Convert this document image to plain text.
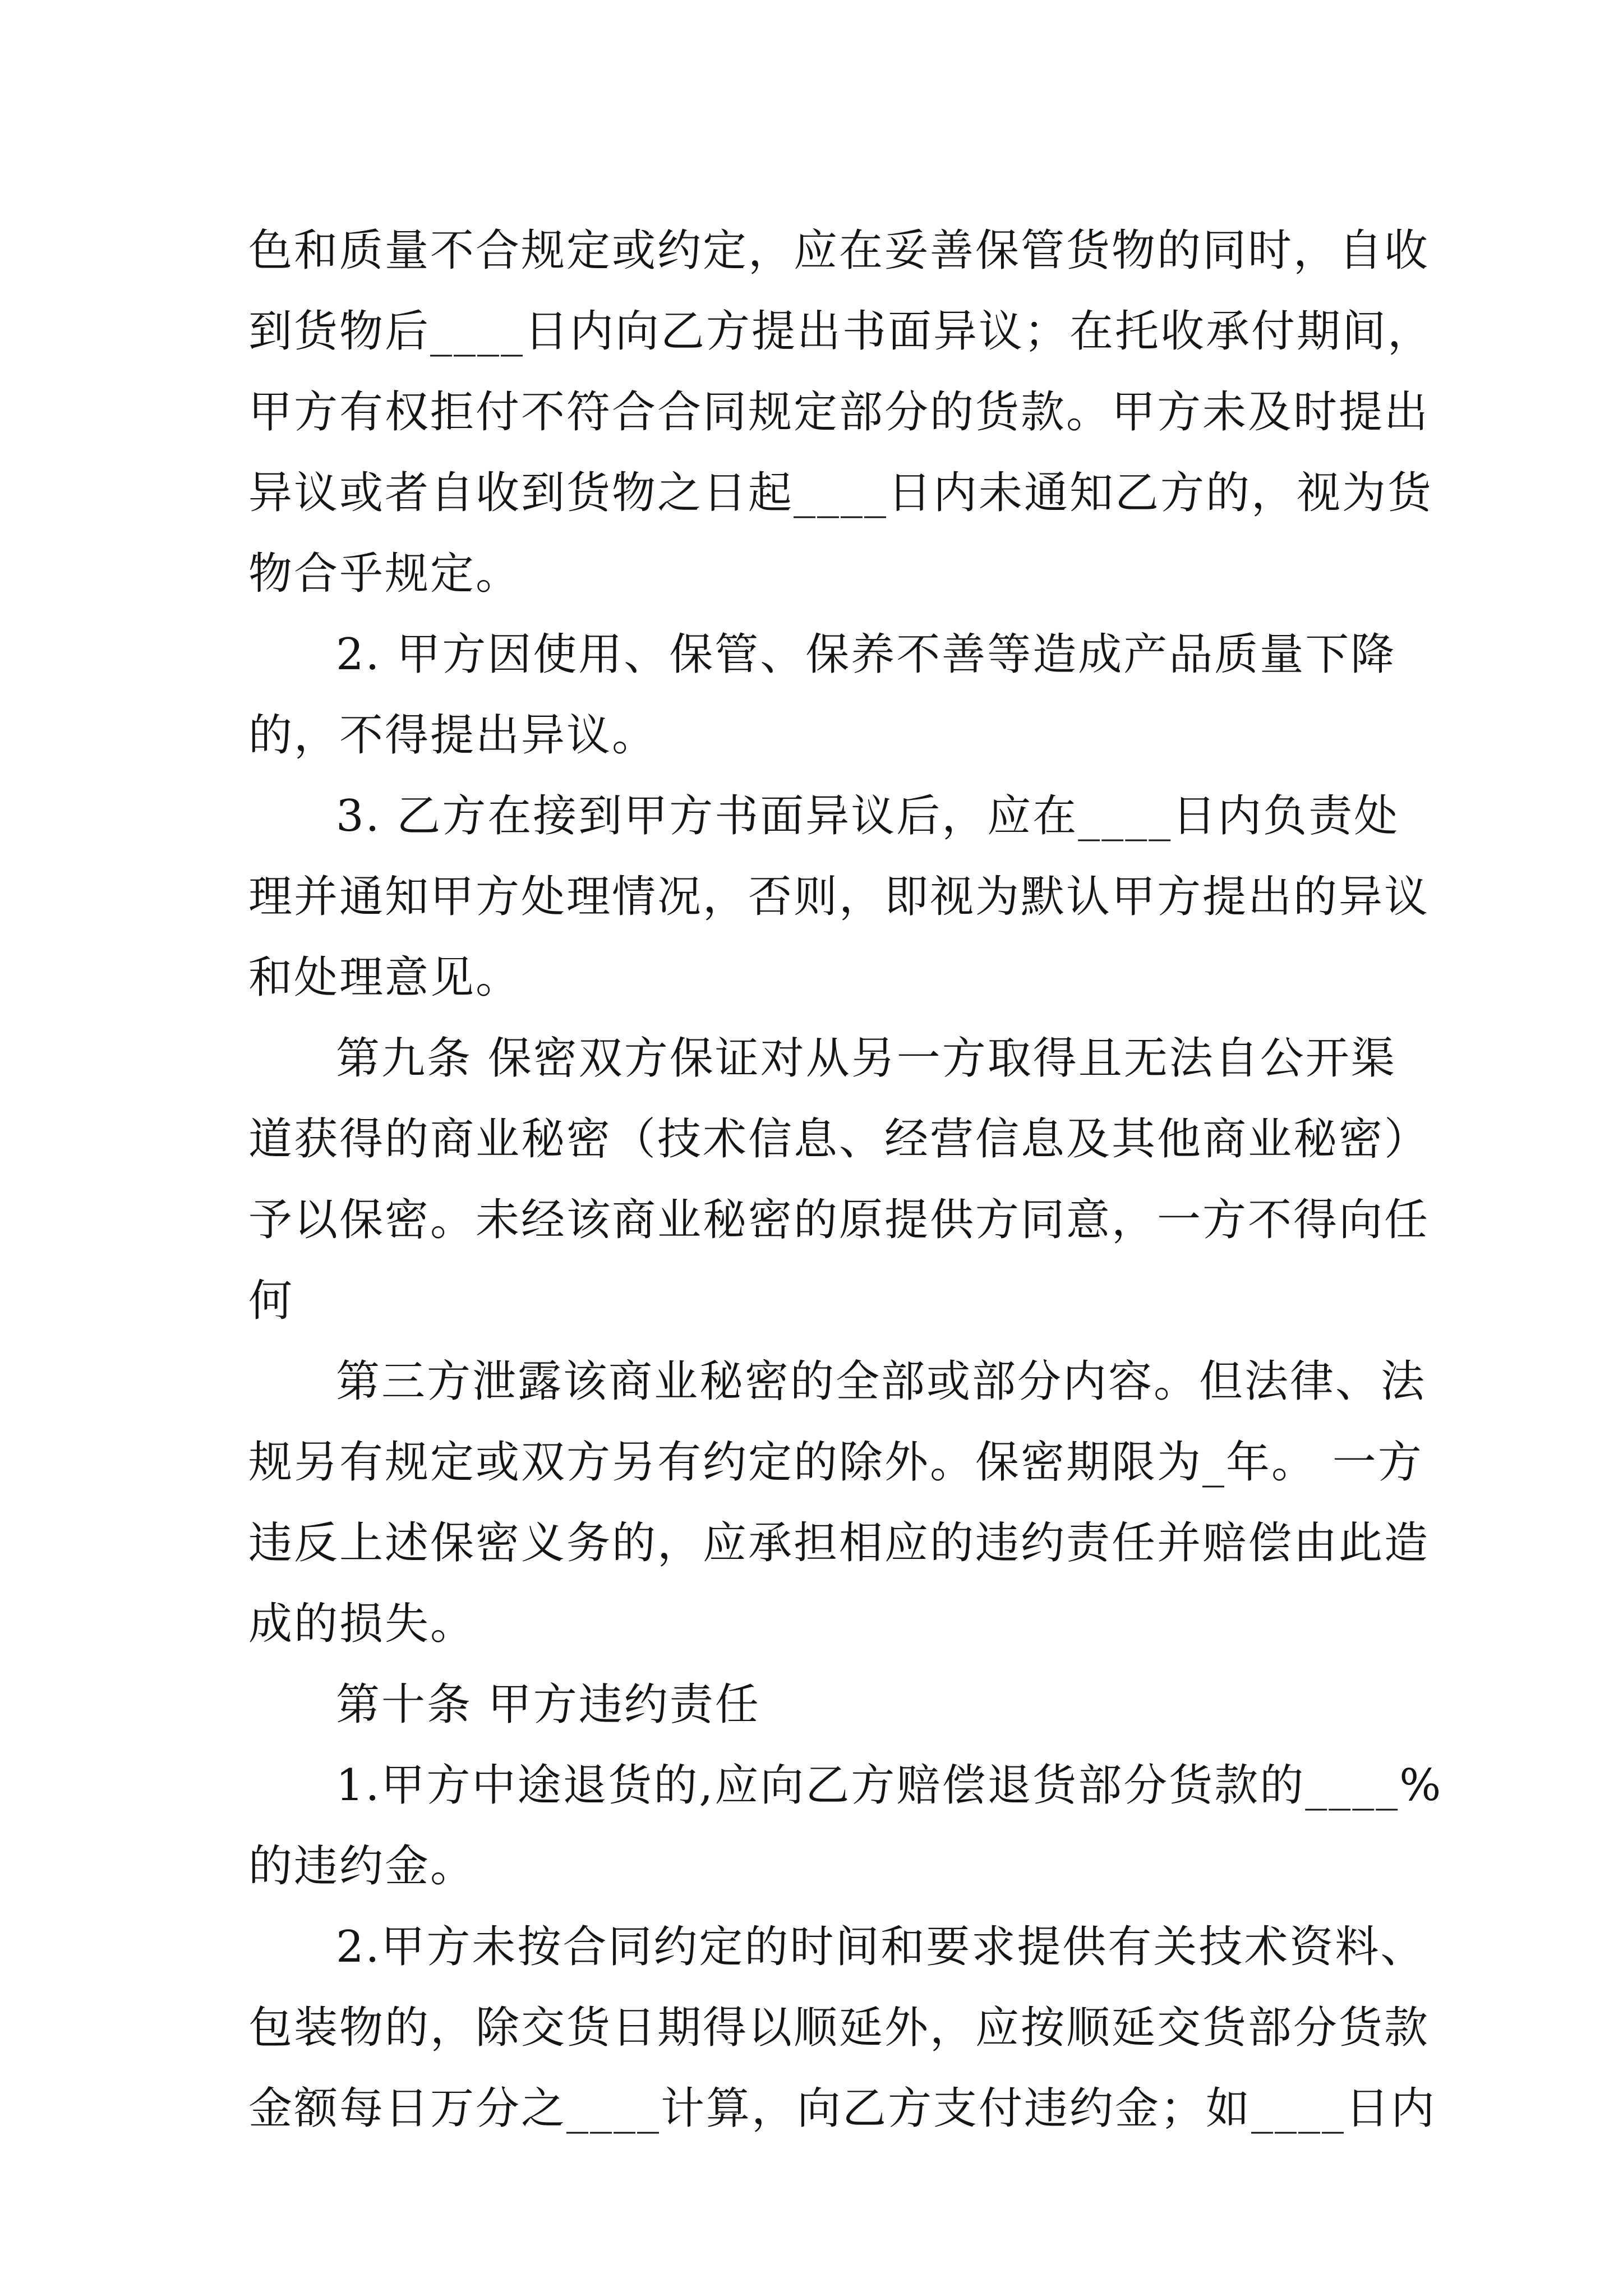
色和质量不合规定或约定，应在妥善保管货物的同时，自收

到货物后____日内向乙方提出书面异议；在托收承付期间，

甲方有权拒付不符合合同规定部分的货款。甲方未及时提出

异议或者自收到货物之日起____日内未通知乙方的，视为货

物合乎规定。

2. 甲方因使用、保管、保养不善等造成产品质量下降

的，不得提出异议。

3. 乙方在接到甲方书面异议后，应在____日内负责处

理并通知甲方处理情况，否则，即视为默认甲方提出的异议

和处理意见。

第九条 保密双方保证对从另一方取得且无法自公开渠

道获得的商业秘密（技术信息、经营信息及其他商业秘密）

予以保密。未经该商业秘密的原提供方同意，一方不得向任

何

第三方泄露该商业秘密的全部或部分内容。但法律、法

规另有规定或双方另有约定的除外。保密期限为_年。 一方

违反上述保密义务的，应承担相应的违约责任并赔偿由此造

成的损失。

第十条 甲方违约责任

1.甲方中途退货的,应向乙方赔偿退货部分货款的____%

的违约金。

2.甲方未按合同约定的时间和要求提供有关技术资料、

包装物的，除交货日期得以顺延外，应按顺延交货部分货款

金额每日万分之____计算，向乙方支付违约金；如____日内
